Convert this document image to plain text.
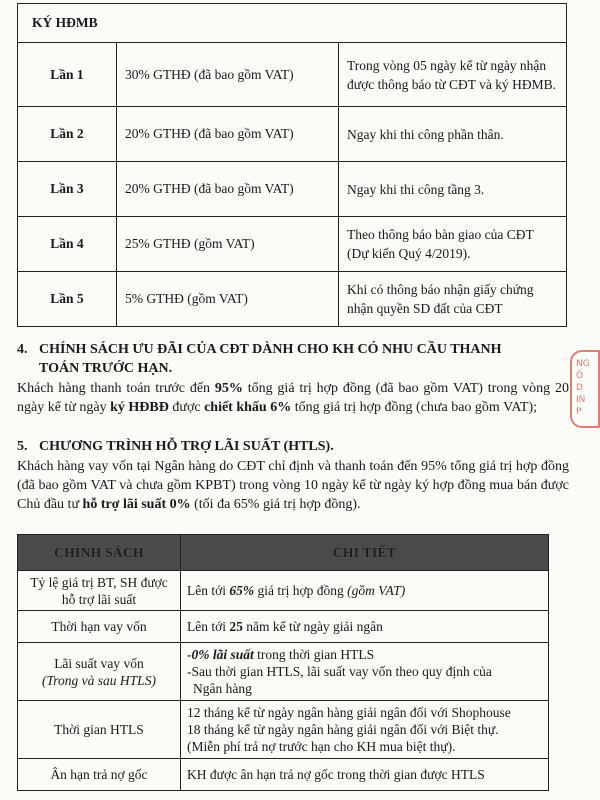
KÝ HĐMB		
Lần 1	30% GTHĐ (đã bao gồm VAT)	Trong vòng 05 ngày kể từ ngày nhận được thông báo từ CĐT và ký HĐMB.
Lần 2	20% GTHĐ (đã bao gồm VAT)	Ngay khi thi công phần thân.
Lần 3	20% GTHĐ (đã bao gồm VAT)	Ngay khi thi công tầng 3.
Lần 4	25% GTHĐ (gồm VAT)	Theo thông báo bàn giao của CĐT (Dự kiến Quý 4/2019).
Lần 5	5% GTHĐ (gồm VAT)	Khi có thông báo nhận giấy chứng nhận quyền SD đất của CĐT
4. CHÍNH SÁCH ƯU ĐÃI CỦA CĐT DÀNH CHO KH CÓ NHU CẦU THANH
TOÁN TRƯỚC HẠN.
Khách hàng thanh toán trước đến 95% tổng giá trị hợp đồng (đã bao gồm VAT) trong vòng 20 ngày kể từ ngày ký HĐBĐ được chiết khấu 6% tổng giá trị hợp đồng (chưa bao gồm VAT);
5. CHƯƠNG TRÌNH HỖ TRỢ LÃI SUẤT (HTLS).
Khách hàng vay vốn tại Ngân hàng do CĐT chỉ định và thanh toán đến 95% tổng giá trị hợp đồng (đã bao gồm VAT và chưa gồm KPBT) trong vòng 10 ngày kể từ ngày ký hợp đồng mua bán được Chủ đầu tư hỗ trợ lãi suất 0% (tối đa 65% giá trị hợp đồng).
CHÍNH SÁCH	CHI TIẾT
Tỷ lệ giá trị BT, SH được hỗ trợ lãi suất	Lên tới 65% giá trị hợp đồng (gồm VAT)
Thời hạn vay vốn	Lên tới 25 năm kể từ ngày giải ngân
Lãi suất vay vốn
(Trong và sau HTLS)	-0% lãi suất trong thời gian HTLS
-Sau thời gian HTLS, lãi suất vay vốn theo quy định của
Ngân hàng
Thời gian HTLS	12 tháng kể từ ngày ngân hàng giải ngân đối với Shophouse
18 tháng kể từ ngày ngân hàng giải ngân đối với Biệt thự.
(Miễn phí trả nợ trước hạn cho KH mua biệt thự).
Ân hạn trả nợ gốc	KH được ân hạn trả nợ gốc trong thời gian được HTLS
NG
Ố
D
IN
P
